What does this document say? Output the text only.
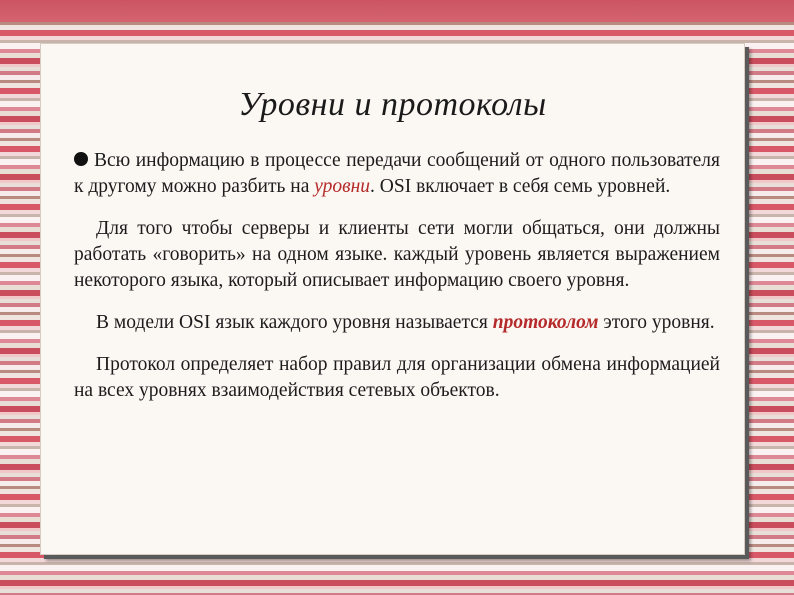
Уровни и протоколы

Всю информацию в процессе передачи сообщений от одного пользователя к другому можно разбить на уровни. OSI включает в себя семь уровней.

Для того чтобы серверы и клиенты сети могли общаться, они должны работать «говорить» на одном языке. каждый уровень является выражением некоторого языка, который описывает информацию своего уровня.

В модели OSI язык каждого уровня называется протоколом этого уровня.

Протокол определяет набор правил для организации обмена информацией на всех уровнях взаимодействия сетевых объектов.
